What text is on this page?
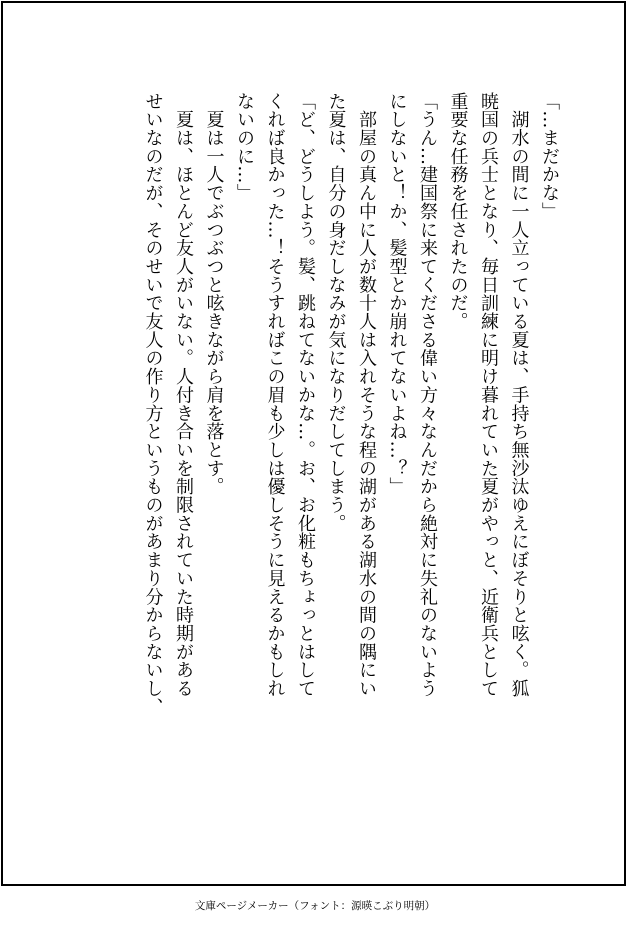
「…まだかな」

　湖水の間に一人立っている夏は、手持ち無沙汰ゆえにぼそりと呟く。狐

暁国の兵士となり、毎日訓練に明け暮れていた夏がやっと、近衛兵として

重要な任務を任されたのだ。

「うん…建国祭に来てくださる偉い方々なんだから絶対に失礼のないよう

にしないと！か、髪型とか崩れてないよね…？」

　部屋の真ん中に人が数十人は入れそうな程の湖がある湖水の間の隅にい

た夏は、自分の身だしなみが気になりだしてしまう。

「ど、どうしよう。髪、跳ねてないかな…。お、お化粧もちょっとはして

くれば良かった…！そうすればこの眉も少しは優しそうに見えるかもしれ

ないのに…」

　夏は一人でぶつぶつと呟きながら肩を落とす。

　夏は、ほとんど友人がいない。人付き合いを制限されていた時期がある

せいなのだが、そのせいで友人の作り方というものがあまり分からないし、

文庫ページメーカー（フォント：源暎こぶり明朝）
